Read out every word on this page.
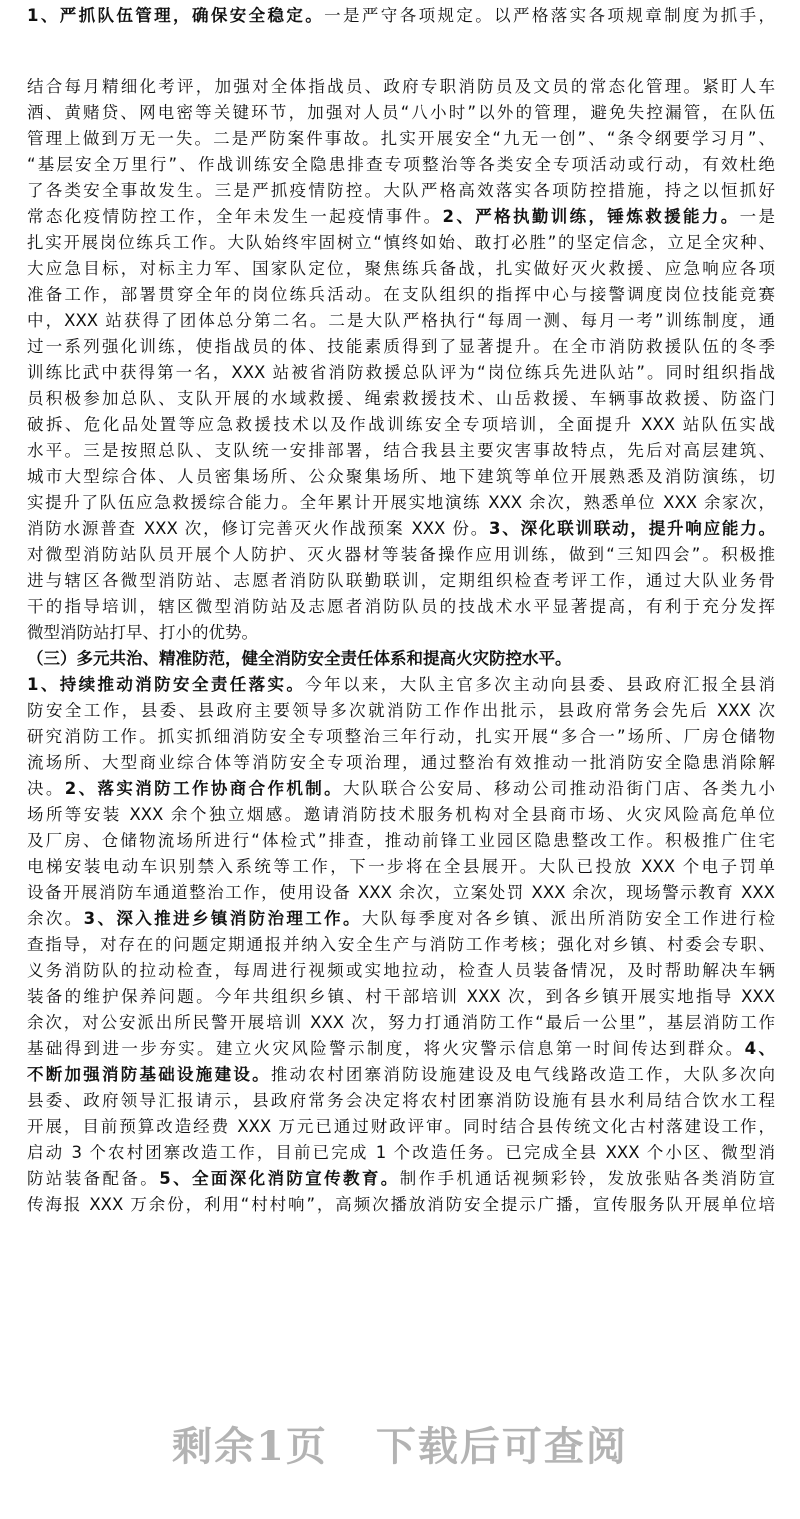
1、严抓队伍管理，确保安全稳定。一是严守各项规定。以严格落实各项规章制度为抓手，
结合每月精细化考评，加强对全体指战员、政府专职消防员及文员的常态化管理。紧盯人车
酒、黄赌贷、网电密等关键环节，加强对人员“八小时”以外的管理，避免失控漏管，在队伍
管理上做到万无一失。二是严防案件事故。扎实开展安全“九无一创”、“条令纲要学习月”、
“基层安全万里行”、作战训练安全隐患排查专项整治等各类安全专项活动或行动，有效杜绝
了各类安全事故发生。三是严抓疫情防控。大队严格高效落实各项防控措施，持之以恒抓好
常态化疫情防控工作，全年未发生一起疫情事件。2、严格执勤训练，锤炼救援能力。一是
扎实开展岗位练兵工作。大队始终牢固树立“慎终如始、敢打必胜”的坚定信念，立足全灾种、
大应急目标，对标主力军、国家队定位，聚焦练兵备战，扎实做好灭火救援、应急响应各项
准备工作，部署贯穿全年的岗位练兵活动。在支队组织的指挥中心与接警调度岗位技能竞赛
中，XXX 站获得了团体总分第二名。二是大队严格执行“每周一测、每月一考”训练制度，通
过一系列强化训练，使指战员的体、技能素质得到了显著提升。在全市消防救援队伍的冬季
训练比武中获得第一名，XXX 站被省消防救援总队评为“岗位练兵先进队站”。同时组织指战
员积极参加总队、支队开展的水域救援、绳索救援技术、山岳救援、车辆事故救援、防盗门
破拆、危化品处置等应急救援技术以及作战训练安全专项培训，全面提升 XXX 站队伍实战
水平。三是按照总队、支队统一安排部署，结合我县主要灾害事故特点，先后对高层建筑、
城市大型综合体、人员密集场所、公众聚集场所、地下建筑等单位开展熟悉及消防演练，切
实提升了队伍应急救援综合能力。全年累计开展实地演练 XXX 余次，熟悉单位 XXX 余家次，
消防水源普查 XXX 次，修订完善灭火作战预案 XXX 份。3、深化联训联动，提升响应能力。
对微型消防站队员开展个人防护、灭火器材等装备操作应用训练，做到“三知四会”。积极推
进与辖区各微型消防站、志愿者消防队联勤联训，定期组织检查考评工作，通过大队业务骨
干的指导培训，辖区微型消防站及志愿者消防队员的技战术水平显著提高，有利于充分发挥
微型消防站打早、打小的优势。
（三）多元共治、精准防范，健全消防安全责任体系和提高火灾防控水平。
1、持续推动消防安全责任落实。今年以来，大队主官多次主动向县委、县政府汇报全县消
防安全工作，县委、县政府主要领导多次就消防工作作出批示，县政府常务会先后 XXX 次
研究消防工作。抓实抓细消防安全专项整治三年行动，扎实开展“多合一”场所、厂房仓储物
流场所、大型商业综合体等消防安全专项治理，通过整治有效推动一批消防安全隐患消除解
决。2、落实消防工作协商合作机制。大队联合公安局、移动公司推动沿街门店、各类九小
场所等安装 XXX 余个独立烟感。邀请消防技术服务机构对全县商市场、火灾风险高危单位
及厂房、仓储物流场所进行“体检式”排查，推动前锋工业园区隐患整改工作。积极推广住宅
电梯安装电动车识别禁入系统等工作，下一步将在全县展开。大队已投放 XXX 个电子罚单
设备开展消防车通道整治工作，使用设备 XXX 余次，立案处罚 XXX 余次，现场警示教育 XXX
余次。3、深入推进乡镇消防治理工作。大队每季度对各乡镇、派出所消防安全工作进行检
查指导，对存在的问题定期通报并纳入安全生产与消防工作考核；强化对乡镇、村委会专职、
义务消防队的拉动检查，每周进行视频或实地拉动，检查人员装备情况，及时帮助解决车辆
装备的维护保养问题。今年共组织乡镇、村干部培训 XXX 次，到各乡镇开展实地指导 XXX
余次，对公安派出所民警开展培训 XXX 次，努力打通消防工作“最后一公里”，基层消防工作
基础得到进一步夯实。建立火灾风险警示制度，将火灾警示信息第一时间传达到群众。4、
不断加强消防基础设施建设。推动农村团寨消防设施建设及电气线路改造工作，大队多次向
县委、政府领导汇报请示，县政府常务会决定将农村团寨消防设施有县水利局结合饮水工程
开展，目前预算改造经费 XXX 万元已通过财政评审。同时结合县传统文化古村落建设工作，
启动 3 个农村团寨改造工作，目前已完成 1 个改造任务。已完成全县 XXX 个小区、微型消
防站装备配备。5、全面深化消防宣传教育。制作手机通话视频彩铃，发放张贴各类消防宣
传海报 XXX 万余份，利用“村村响”，高频次播放消防安全提示广播，宣传服务队开展单位培
剩余1页 下载后可查阅
